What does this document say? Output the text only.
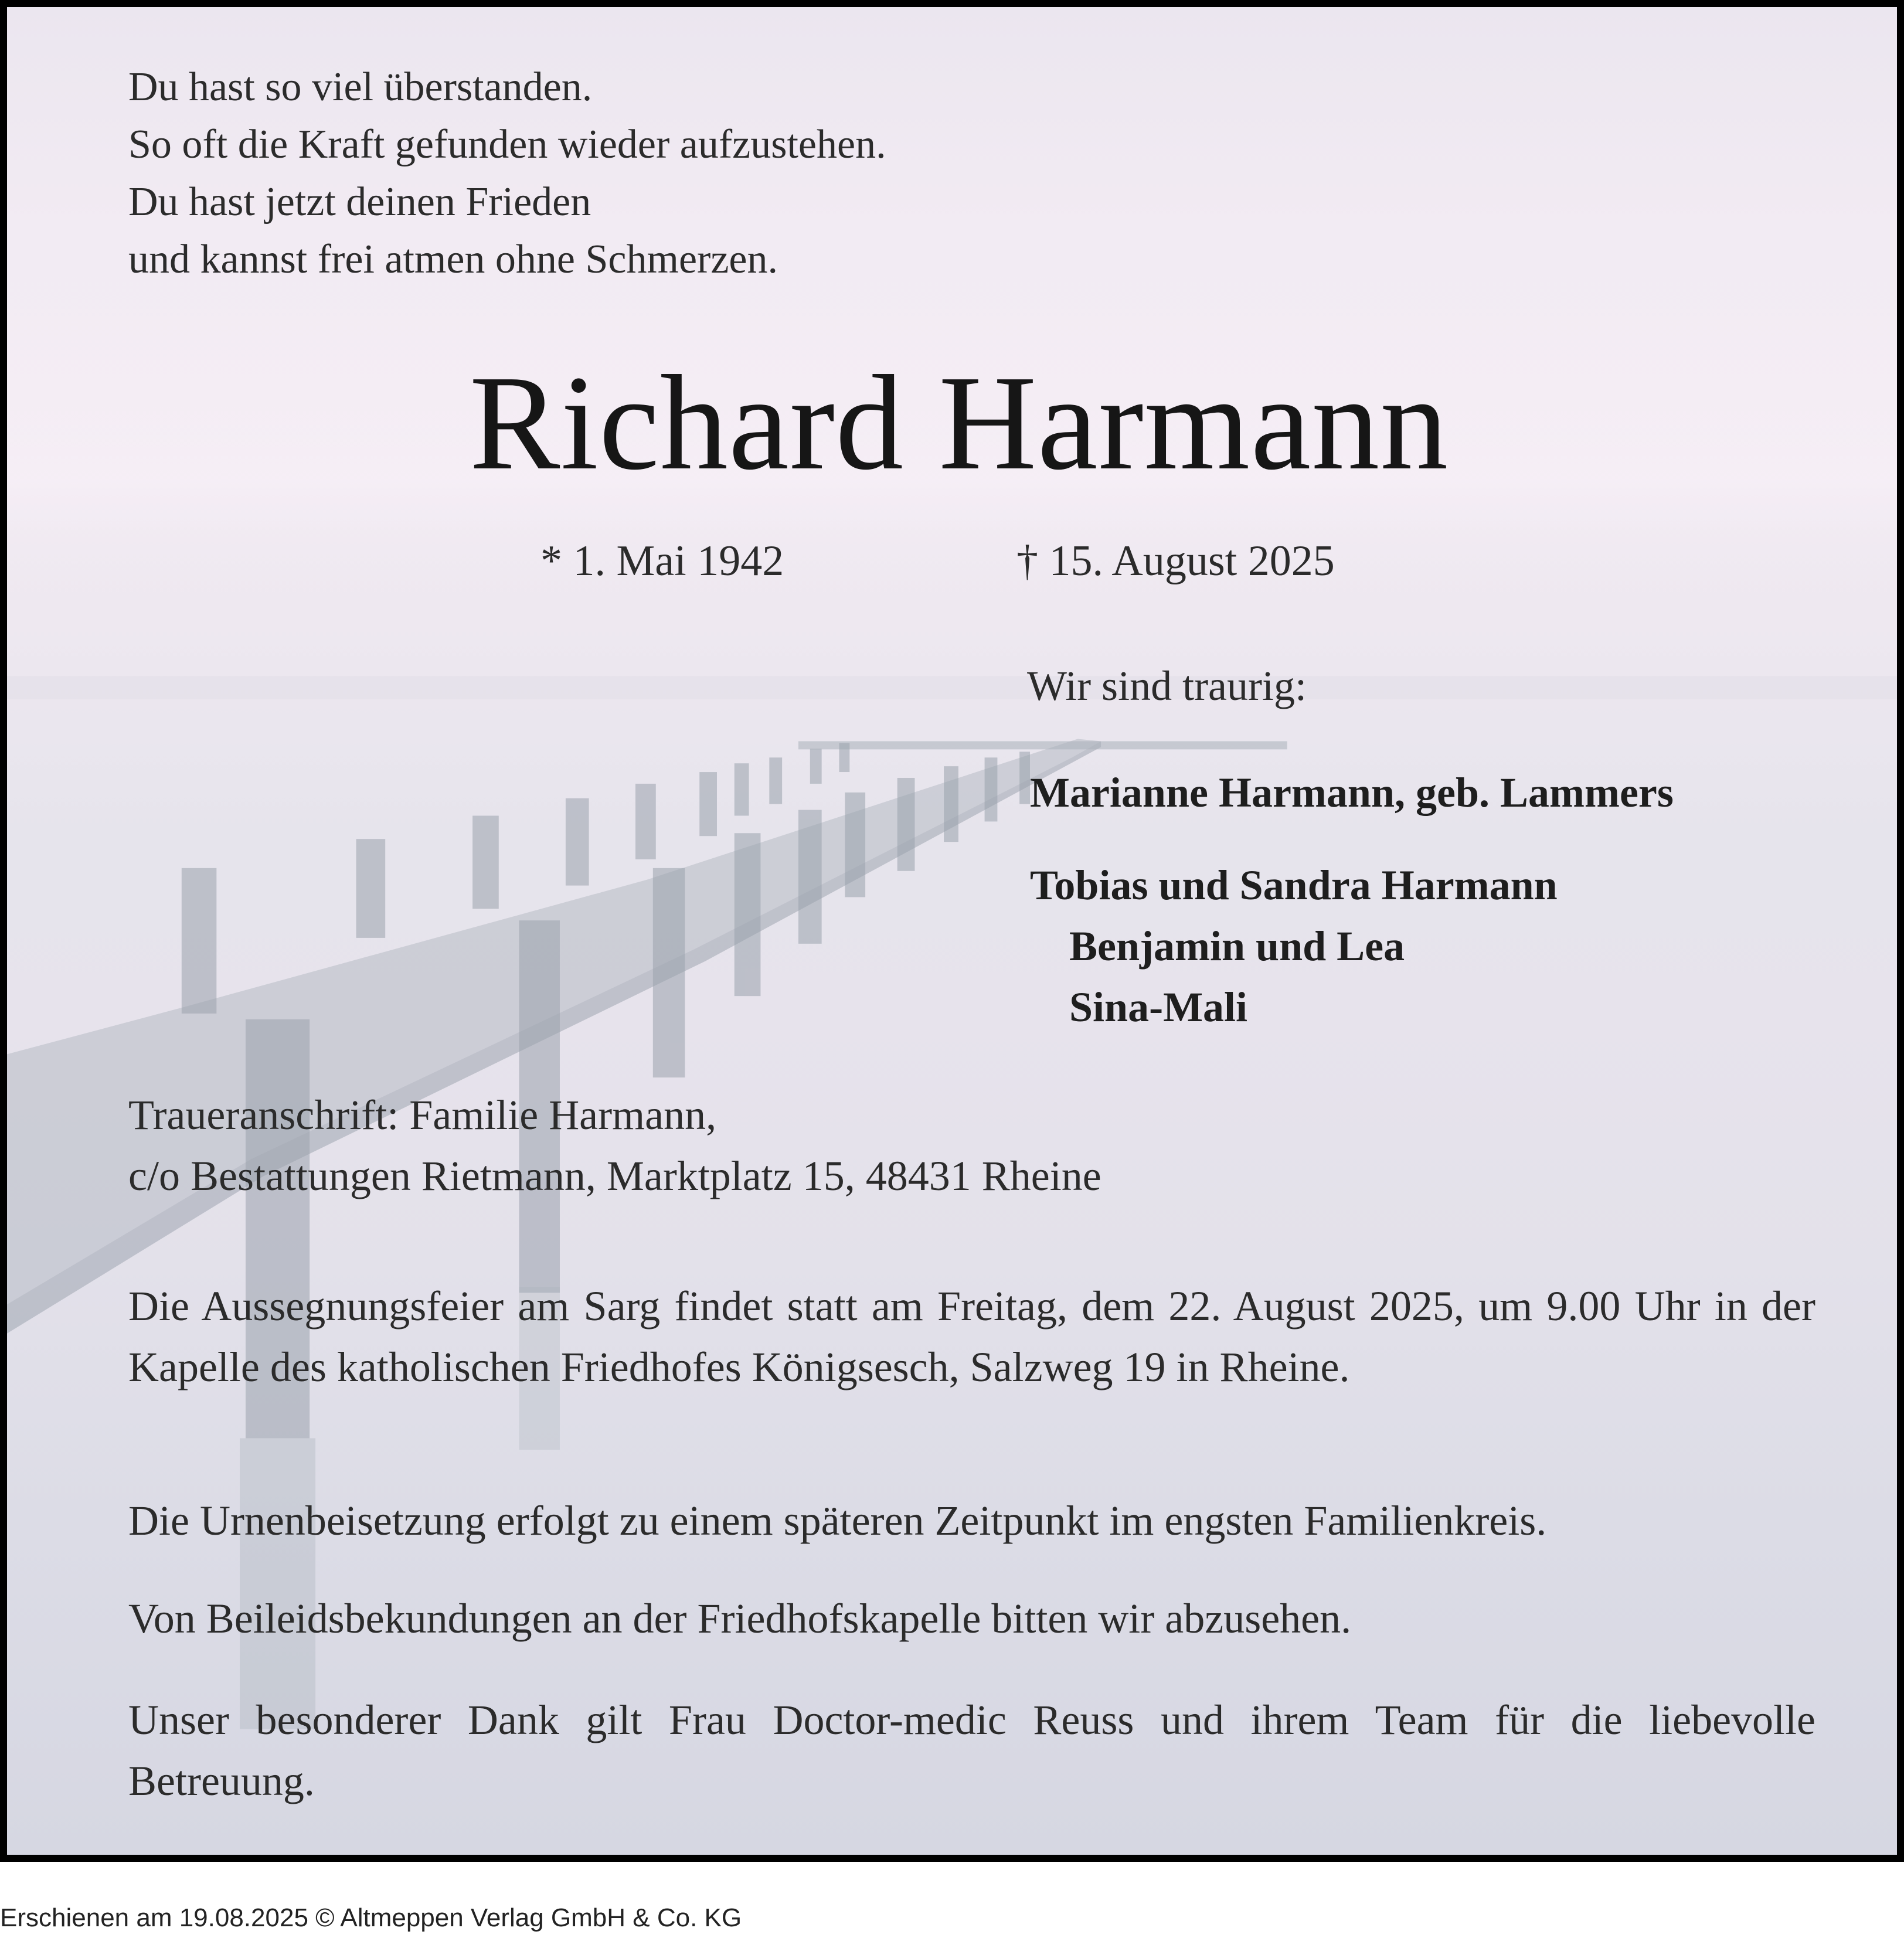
Du hast so viel überstanden.
So oft die Kraft gefunden wieder aufzustehen.
Du hast jetzt deinen Frieden
und kannst frei atmen ohne Schmerzen.
Richard Harmann
* 1. Mai 1942	† 15. August 2025
Wir sind traurig:
Marianne Harmann, geb. Lammers
Tobias und Sandra Harmann
Benjamin und Lea
Sina-Mali
Traueranschrift: Familie Harmann,
c/o Bestattungen Rietmann, Marktplatz 15, 48431 Rheine

Die Aussegnungsfeier am Sarg findet statt am Freitag, dem 22. August 2025, um 9.00 Uhr in der Kapelle des katholischen Friedhofes Königsesch, Salzweg 19 in Rheine.

Die Urnenbeisetzung erfolgt zu einem späteren Zeitpunkt im engsten Familienkreis.

Von Beileidsbekundungen an der Friedhofskapelle bitten wir abzusehen.

Unser besonderer Dank gilt Frau Doctor-medic Reuss und ihrem Team für die liebevolle Betreuung.

Erschienen am 19.08.2025 © Altmeppen Verlag GmbH & Co. KG
